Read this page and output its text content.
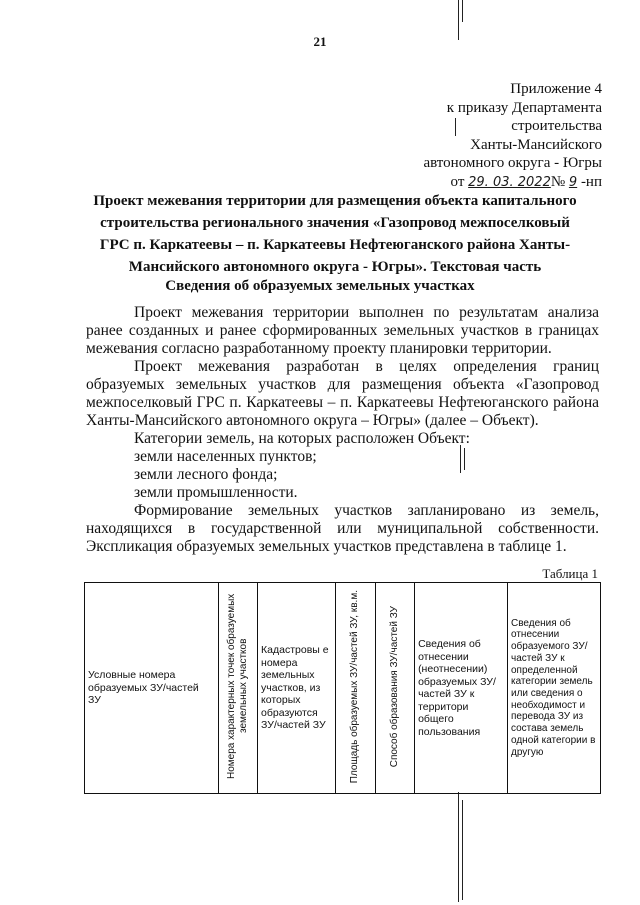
21
Приложение 4
к приказу Департамента
строительства
Ханты-Мансийского
автономного округа - Югры
от 29. 03. 2022№ 9 -нп
Проект межевания территории для размещения объекта капитального строительства регионального значения «Газопровод межпоселковый ГРС п. Каркатеевы – п. Каркатеевы Нефтеюганского района Ханты-Мансийского автономного округа - Югры». Текстовая часть
Сведения об образуемых земельных участках
Проект межевания территории выполнен по результатам анализа ранее созданных и ранее сформированных земельных участков в границах межевания согласно разработанному проекту планировки территории.
Проект межевания разработан в целях определения границ образуемых земельных участков для размещения объекта «Газопровод межпоселковый ГРС п. Каркатеевы – п. Каркатеевы Нефтеюганского района Ханты-Мансийского автономного округа – Югры» (далее – Объект).
Категории земель, на которых расположен Объект:
земли населенных пунктов;
земли лесного фонда;
земли промышленности.
Формирование земельных участков запланировано из земель, находящихся в государственной или муниципальной собственности. Экспликация образуемых земельных участков представлена в таблице 1.
Таблица 1
Условные номера образуемых ЗУ/частей ЗУ	Номера характерных точек образуемых земельных участков	Кадастровы е номера земельных участков, из которых образуются ЗУ/частей ЗУ	Площадь образуемых ЗУ/частей ЗУ, кв.м.	Способ образования ЗУ/частей ЗУ	Сведения об отнесении (неотнесении) образуемых ЗУ/частей ЗУ к территори общего пользования	Сведения об отнесении образуемого ЗУ/частей ЗУ к определенной категории земель или сведения о необходимост и перевода ЗУ из состава земель одной категории в другую
